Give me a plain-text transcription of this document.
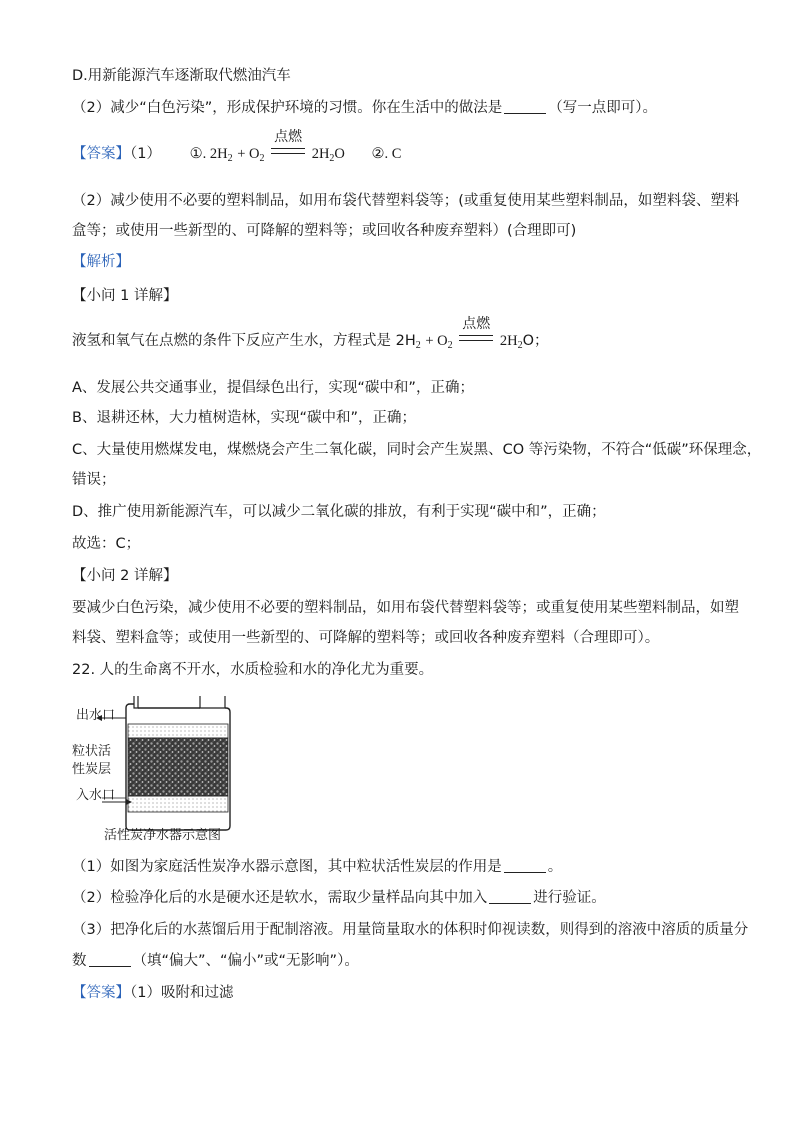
D.用新能源汽车逐渐取代燃油汽车
（2）减少“白色污染”，形成保护环境的习惯。你在生活中的做法是	（写一点即可）。
【答案】（1） ①. $2H_2 + O_2$
点燃
$2H_2O$ ②. C
（2）减少使用不必要的塑料制品，如用布袋代替塑料袋等；(或重复使用某些塑料制品，如塑料袋、塑料
盒等；或使用一些新型的、可降解的塑料等；或回收各种废弃塑料）(合理即可)
【解析】
【小问 1 详解】
液氢和氧气在点燃的条件下反应产生水，方程式是 $2H_2 + O_2$
点燃
$2H_2O$；
A、发展公共交通事业，提倡绿色出行，实现“碳中和”，正确；
B、退耕还林，大力植树造林，实现“碳中和”，正确；
C、大量使用燃煤发电，煤燃烧会产生二氧化碳，同时会产生炭黑、CO 等污染物，不符合“低碳”环保理念，
错误；
D、推广使用新能源汽车，可以减少二氧化碳的排放，有利于实现“碳中和”，正确；
故选：C；
【小问 2 详解】
要减少白色污染，减少使用不必要的塑料制品，如用布袋代替塑料袋等；或重复使用某些塑料制品，如塑
料袋、塑料盒等；或使用一些新型的、可降解的塑料等；或回收各种废弃塑料（合理即可）。
22. 人的生命离不开水，水质检验和水的净化尤为重要。
出水口
粒状活
性炭层
入水口
活性炭净水器示意图
（1）如图为家庭活性炭净水器示意图，其中粒状活性炭层的作用是	。
（2）检验净化后的水是硬水还是软水，需取少量样品向其中加入	进行验证。
（3）把净化后的水蒸馏后用于配制溶液。用量筒量取水的体积时仰视读数，则得到的溶液中溶质的质量分
数	（填“偏大”、“偏小”或“无影响”）。
【答案】（1）吸附和过滤
